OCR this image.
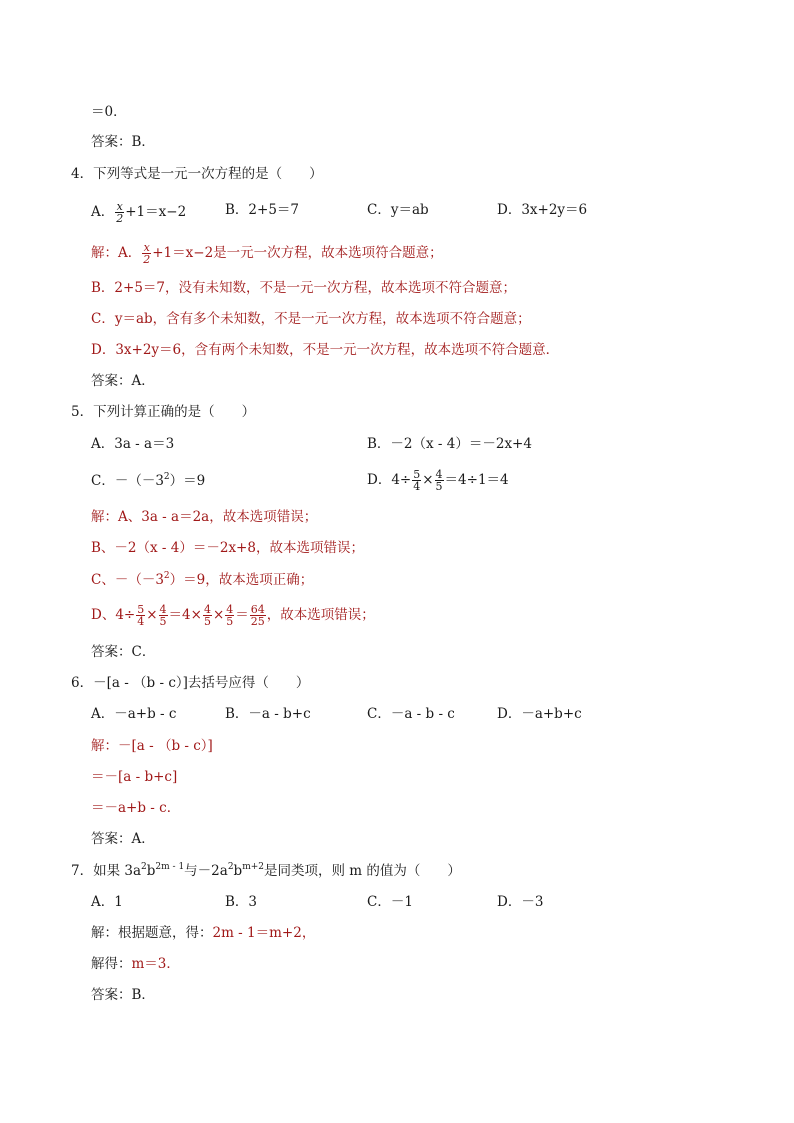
＝0．
答案：B．
4．下列等式是一元一次方程的是（　　）
A． $\frac{x}{2} +1=x-2$	B．2+5＝7	C．y＝ab	D．3x+2y＝6
解：A． $\frac{x}{2} +1=x-2$是一元一次方程，故本选项符合题意；
B．2+5＝7，没有未知数，不是一元一次方程，故本选项不符合题意；
C．y＝ab，含有多个未知数，不是一元一次方程，故本选项不符合题意；
D．3x+2y＝6，含有两个未知数，不是一元一次方程，故本选项不符合题意．
答案：A．
5．下列计算正确的是（　　）
A．3a - a＝3	B．－2（x - 4）＝－2x+4
C．$-(-3^2)=9$	D．$4\div \frac{5}{4} \times \frac{4}{5} =4\div 1=4$
解：A、3a - a＝2a，故本选项错误；
B、－2（x - 4）＝－2x+8，故本选项错误；
C、$-(-3^2)=9$，故本选项正确；
D、$4\div \frac{5}{4} \times \frac{4}{5} =4\times \frac{4}{5} \times \frac{4}{5} = \frac{64}{25}$ ，故本选项错误；
答案：C．
6．－[a - （b - c）]去括号应得（　　）
A．－a+b - c	B．－a - b+c	C．－a - b - c	D．－a+b+c
解：－[a - （b - c）]
＝－[a - b+c]
＝－a+b - c．
答案：A．
7．如果 $3a^2b^{2m - 1}$与$-2a^2b^{m+2}$是同类项，则 m 的值为（　　）
A．1	B．3	C．－1	D．－3
解：根据题意，得：2m - 1＝m+2，
解得：m＝3．
答案：B．
